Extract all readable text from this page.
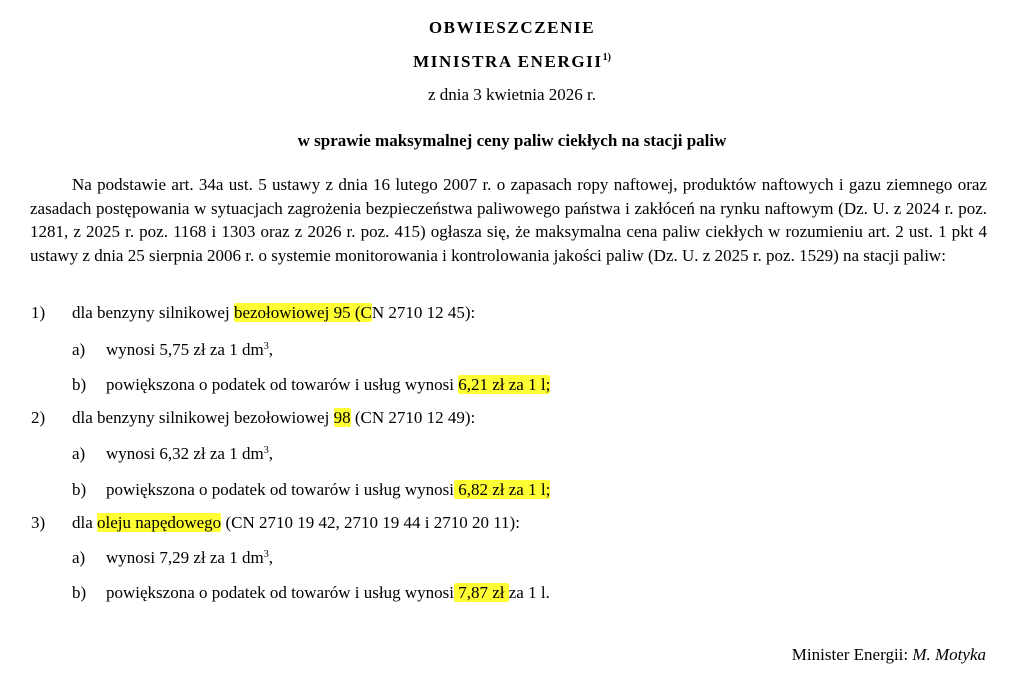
OBWIESZCZENIE
MINISTRA ENERGII$^{1)}$
z dnia 3 kwietnia 2026 r.
w sprawie maksymalnej ceny paliw ciekłych na stacji paliw
Na podstawie art. 34a ust. 5 ustawy z dnia 16 lutego 2007 r. o zapasach ropy naftowej, produktów naftowych i gazu ziemnego oraz zasadach postępowania w sytuacjach zagrożenia bezpieczeństwa paliwowego państwa i zakłóceń na rynku naftowym (Dz. U. z 2024 r. poz. 1281, z 2025 r. poz. 1168 i 1303 oraz z 2026 r. poz. 415) ogłasza się, że maksymalna cena paliw ciekłych w rozumieniu art. 2 ust. 1 pkt 4 ustawy z dnia 25 sierpnia 2006 r. o systemie monitorowania i kontrolowania jakości paliw (Dz. U. z 2025 r. poz. 1529) na stacji paliw:
1) dla benzyny silnikowej bezołowiowej 95 (CN 2710 12 45):
a) wynosi 5,75 zł za 1 $dm^3$,
b) powiększona o podatek od towarów i usług wynosi 6,21 zł za 1 l;
2) dla benzyny silnikowej bezołowiowej 98 (CN 2710 12 49):
a) wynosi 6,32 zł za 1 $dm^3$,
b) powiększona o podatek od towarów i usług wynosi 6,82 zł za 1 l;
3) dla oleju napędowego (CN 2710 19 42, 2710 19 44 i 2710 20 11):
a) wynosi 7,29 zł za 1 $dm^3$,
b) powiększona o podatek od towarów i usług wynosi 7,87 zł za 1 l.
Minister Energii: M. Motyka
